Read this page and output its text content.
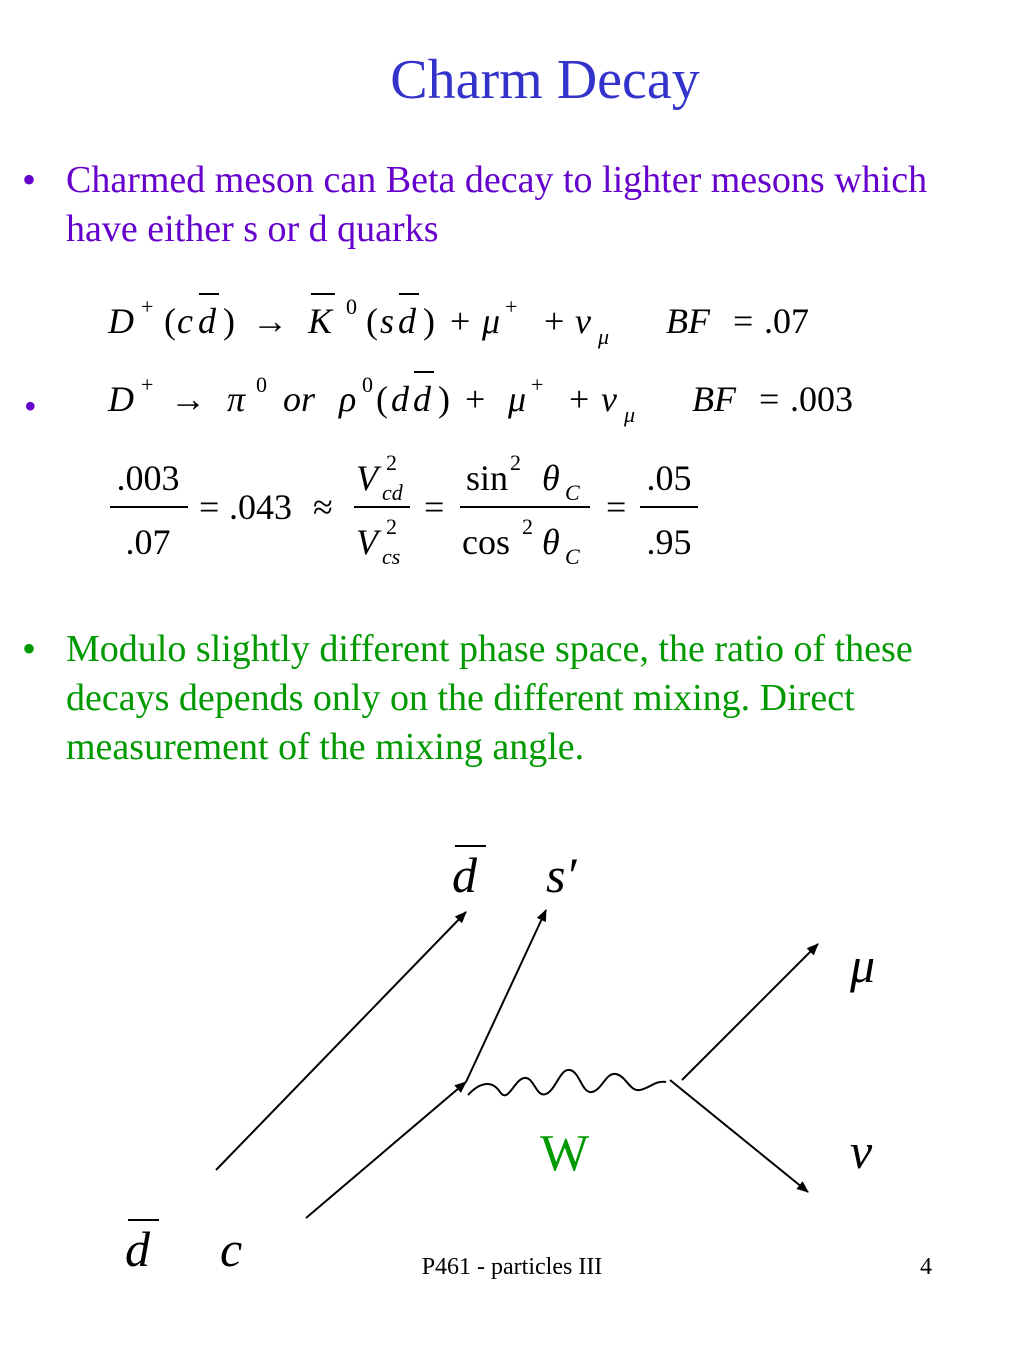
Charm Decay
• Charmed meson can Beta decay to lighter mesons which have either s or d quarks
•
• Modulo slightly different phase space, the ratio of these decays depends only on the different mixing. Direct measurement of the mixing angle.
D + ( c d ) → K 0 ( s d ) + μ + + ν μ BF = .07
D + → π 0 or ρ 0 ( d d ) + μ + + ν μ BF = .003
.003
.07
= .043 ≈
V 2
cd
V 2
cs
=
sin 2 θ C
cos 2 θ C
=
.05
.95
d s′
μ
ν
d c
W
P461 - particles III	4
